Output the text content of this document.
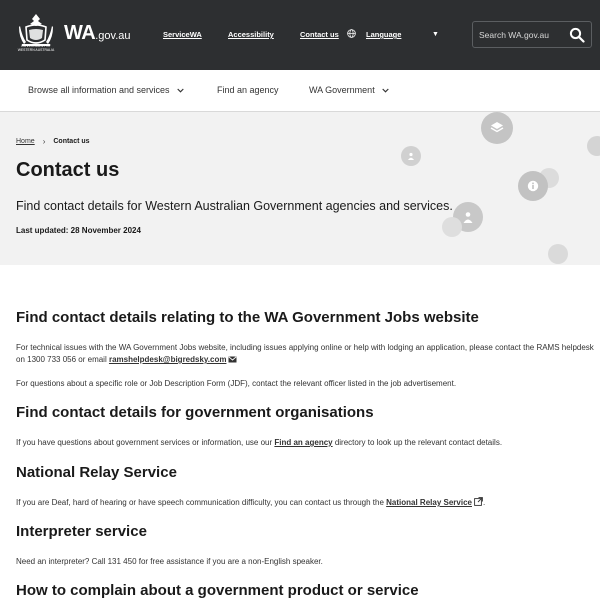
GOVERNMENT OF WESTERN AUSTRALIA
WA.gov.au	ServiceWA	Accessibility	Contact us	Language	▼
Search WA.gov.au
Browse all information and services	Find an agency	WA Government
Home › Contact us
Contact us

Find contact details for Western Australian Government agencies and services.

Last updated: 28 November 2024

Find contact details relating to the WA Government Jobs website

For technical issues with the WA Government Jobs website, including issues applying online or help with lodging an application, please contact the RAMS helpdesk on 1300 733 056 or email ramshelpdesk@bigredsky.com

For questions about a specific role or Job Description Form (JDF), contact the relevant officer listed in the job advertisement.

Find contact details for government organisations

If you have questions about government services or information, use our Find an agency directory to look up the relevant contact details.

National Relay Service

If you are Deaf, hard of hearing or have speech communication difficulty, you can contact us through the National Relay Service .

Interpreter service

Need an interpreter? Call 131 450 for free assistance if you are a non-English speaker.

How to complain about a government product or service
